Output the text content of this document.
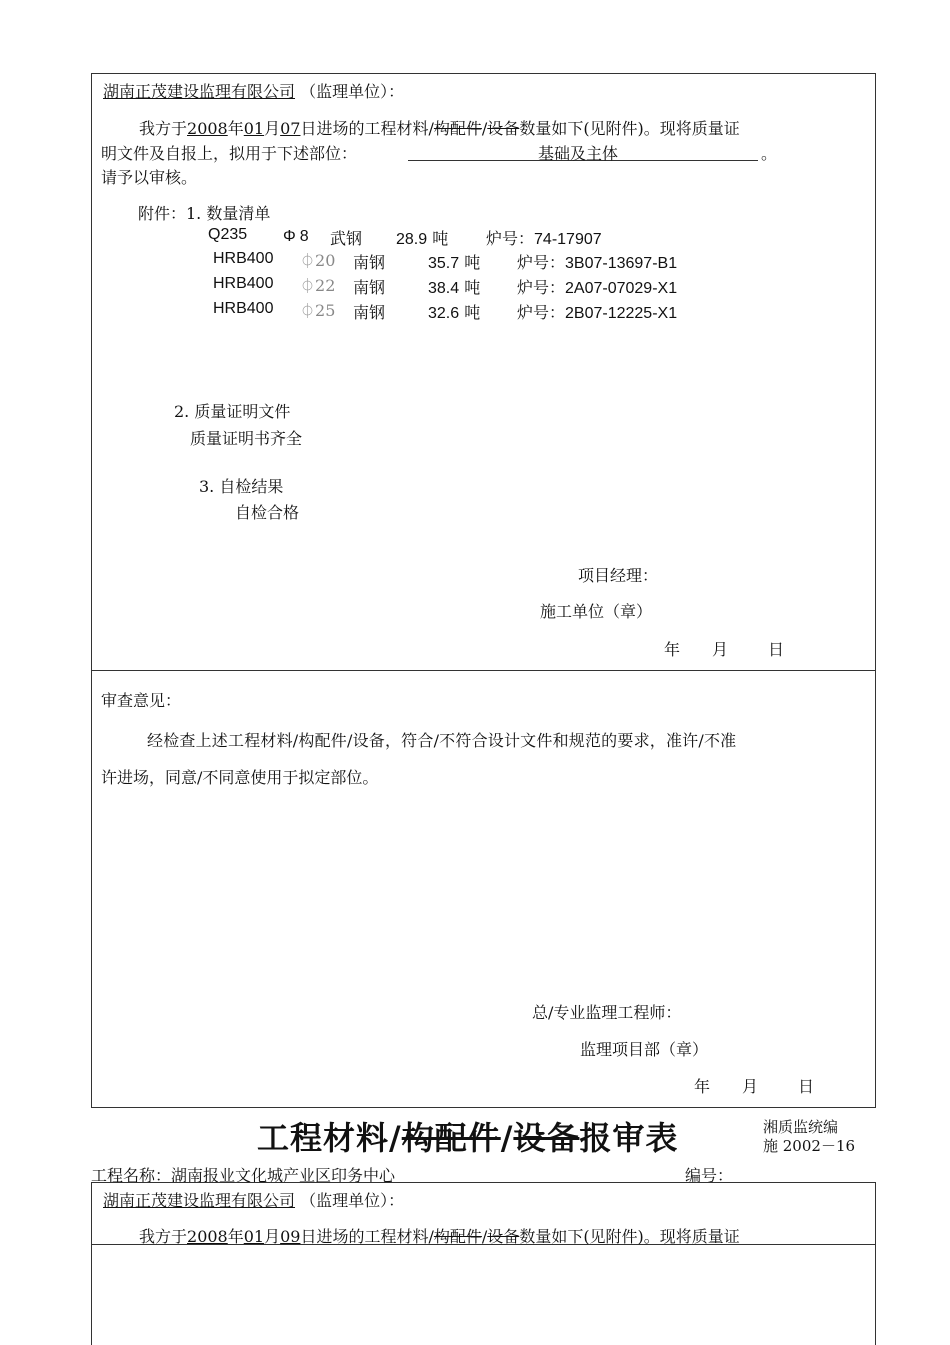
湖南正茂建设监理有限公司 （监理单位）：
我方于2008年01月07日进场的工程材料/构配件/设备数量如下(见附件)。现将质量证
明文件及自报上，拟用于下述部位：	基础及主体	。
请予以审核。
附件：1. 数量清单
Q235 Φ 8 武钢 28.9 吨 炉号：74-17907
HRB400 ⏀20 南钢	35.7 吨 炉号：3B07-13697-B1
HRB400 ⏀22 南钢	38.4 吨 炉号：2A07-07029-X1
HRB400 ⏀25 南钢	32.6 吨 炉号：2B07-12225-X1
2. 质量证明文件
质量证明书齐全
3. 自检结果
自检合格
项目经理：
施工单位（章）
年 月	日
审查意见：
经检查上述工程材料/构配件/设备，符合/不符合设计文件和规范的要求，准许/不准
许进场，同意/不同意使用于拟定部位。
总/专业监理工程师：
监理项目部（章）
年 月	日
工程材料/构配件/设备报审表	湘质监统编
施 2002－16
工程名称：湖南报业文化城产业区印务中心	编号：
湖南正茂建设监理有限公司 （监理单位）：
我方于2008年01月09日进场的工程材料/构配件/设备数量如下(见附件)。现将质量证
